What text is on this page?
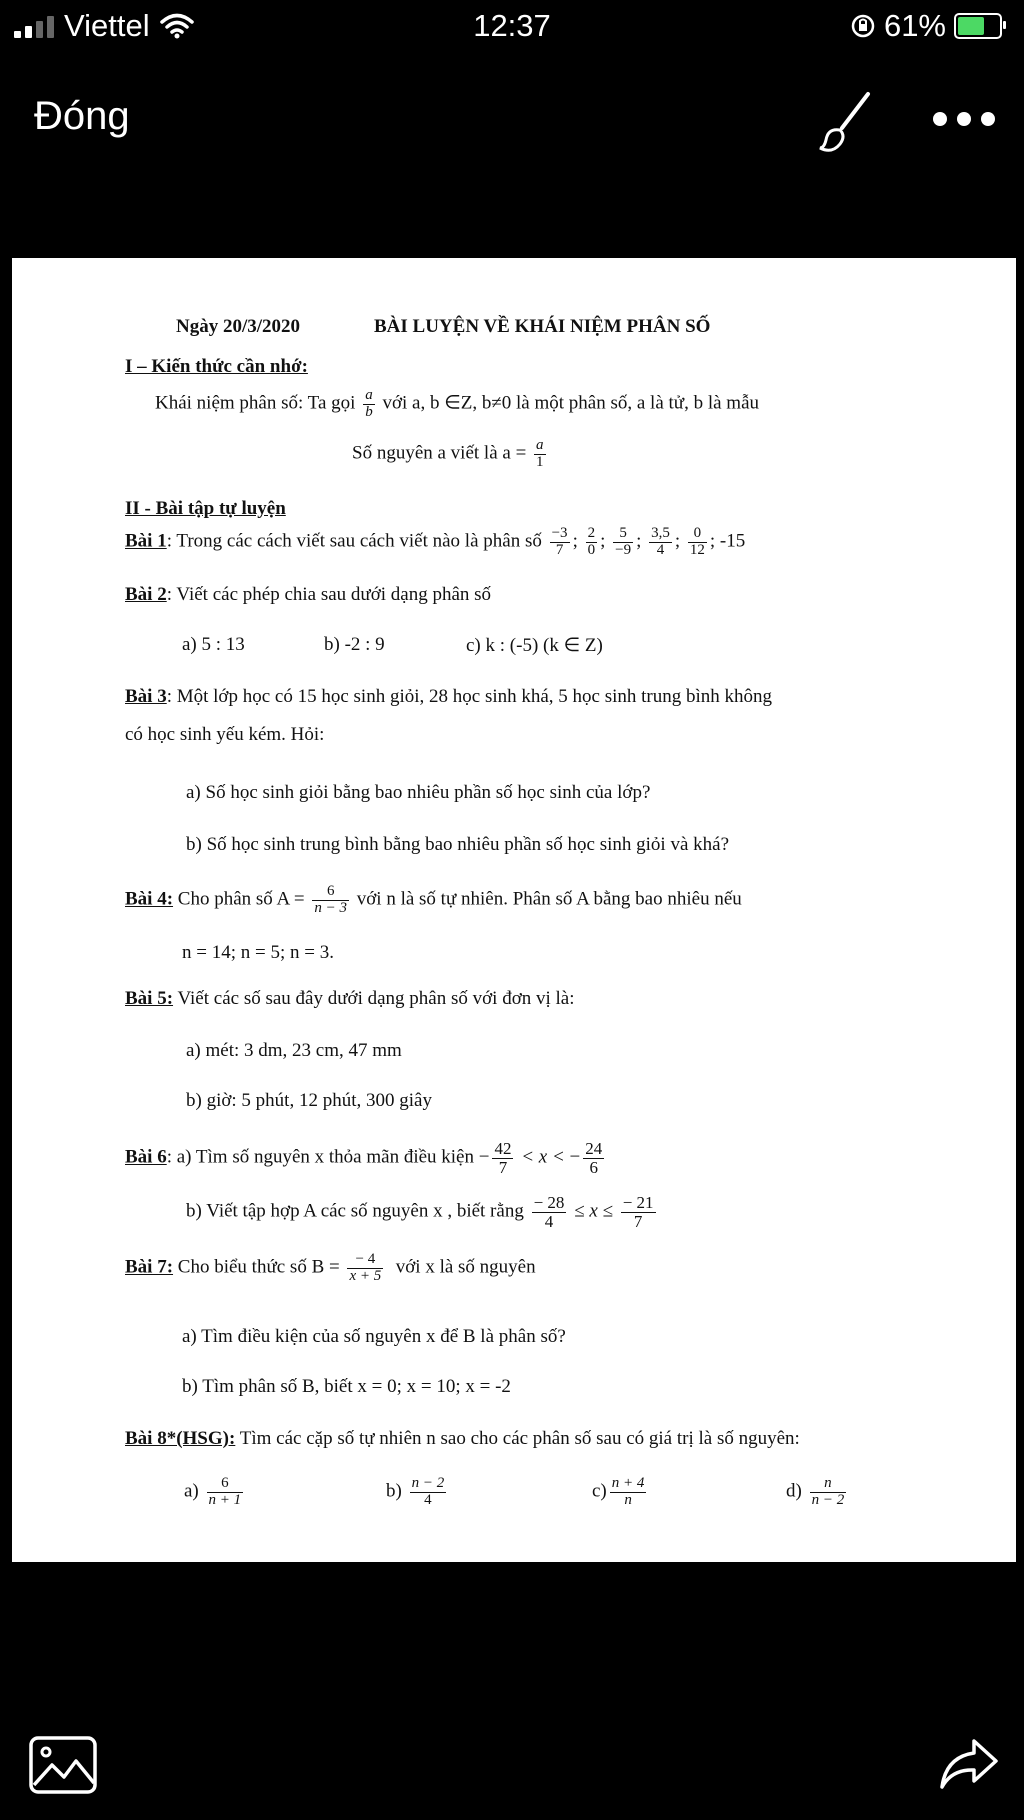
Viettel	12:37	61%
Đóng
Ngày 20/3/2020	BÀI LUYỆN VỀ KHÁI NIỆM PHÂN SỐ
I – Kiến thức cần nhớ:
Khái niệm phân số: Ta gọi $\frac{a}{b}$ với a, b ∈Z, b≠0 là một phân số, a là tử, b là mẫu
Số nguyên a viết là $a = \frac{a}{1}$
II - Bài tập tự luyện
Bài 1: Trong các cách viết sau cách viết nào là phân số $\frac{-3}{7}$ ; $\frac{2}{0}$ ; $\frac{5}{-9}$ ; $\frac{3,5}{4}$ ; $\frac{0}{12}$ ; -15
Bài 2: Viết các phép chia sau dưới dạng phân số
a) 5 : 13	b) -2 : 9	c) k : (-5) (k ∈ Z)
Bài 3: Một lớp học có 15 học sinh giỏi, 28 học sinh khá, 5 học sinh trung bình không
có học sinh yếu kém. Hỏi:
a) Số học sinh giỏi bằng bao nhiêu phần số học sinh của lớp?
b) Số học sinh trung bình bằng bao nhiêu phần số học sinh giỏi và khá?
Bài 4: Cho phân số $A = \frac{6}{n - 3}$ với n là số tự nhiên. Phân số A bằng bao nhiêu nếu
n = 14; n = 5; n = 3.
Bài 5: Viết các số sau đây dưới dạng phân số với đơn vị là:
a) mét: 3 dm, 23 cm, 47 mm
b) giờ: 5 phút, 12 phút, 300 giây
Bài 6: a) Tìm số nguyên x thỏa mãn điều kiện − $\frac{42}{7} < x$ < − $\frac{24}{6}$
b) Viết tập hợp A các số nguyên x , biết rằng $\frac{- 28}{4} \le x \le \frac{- 21}{7}$
Bài 7: Cho biểu thức số $B = \frac{- 4}{x + 5}$ với x là số nguyên
a) Tìm điều kiện của số nguyên x để B là phân số?
b) Tìm phân số B, biết x = 0; x = 10; x = -2
Bài 8*(HSG): Tìm các cặp số tự nhiên n sao cho các phân số sau có giá trị là số nguyên:
$a) \frac{6}{n + 1}$	$b) \frac{n - 2}{4}$	$c) \frac{n + 4}{n}$	$d) \frac{n}{n - 2}$
